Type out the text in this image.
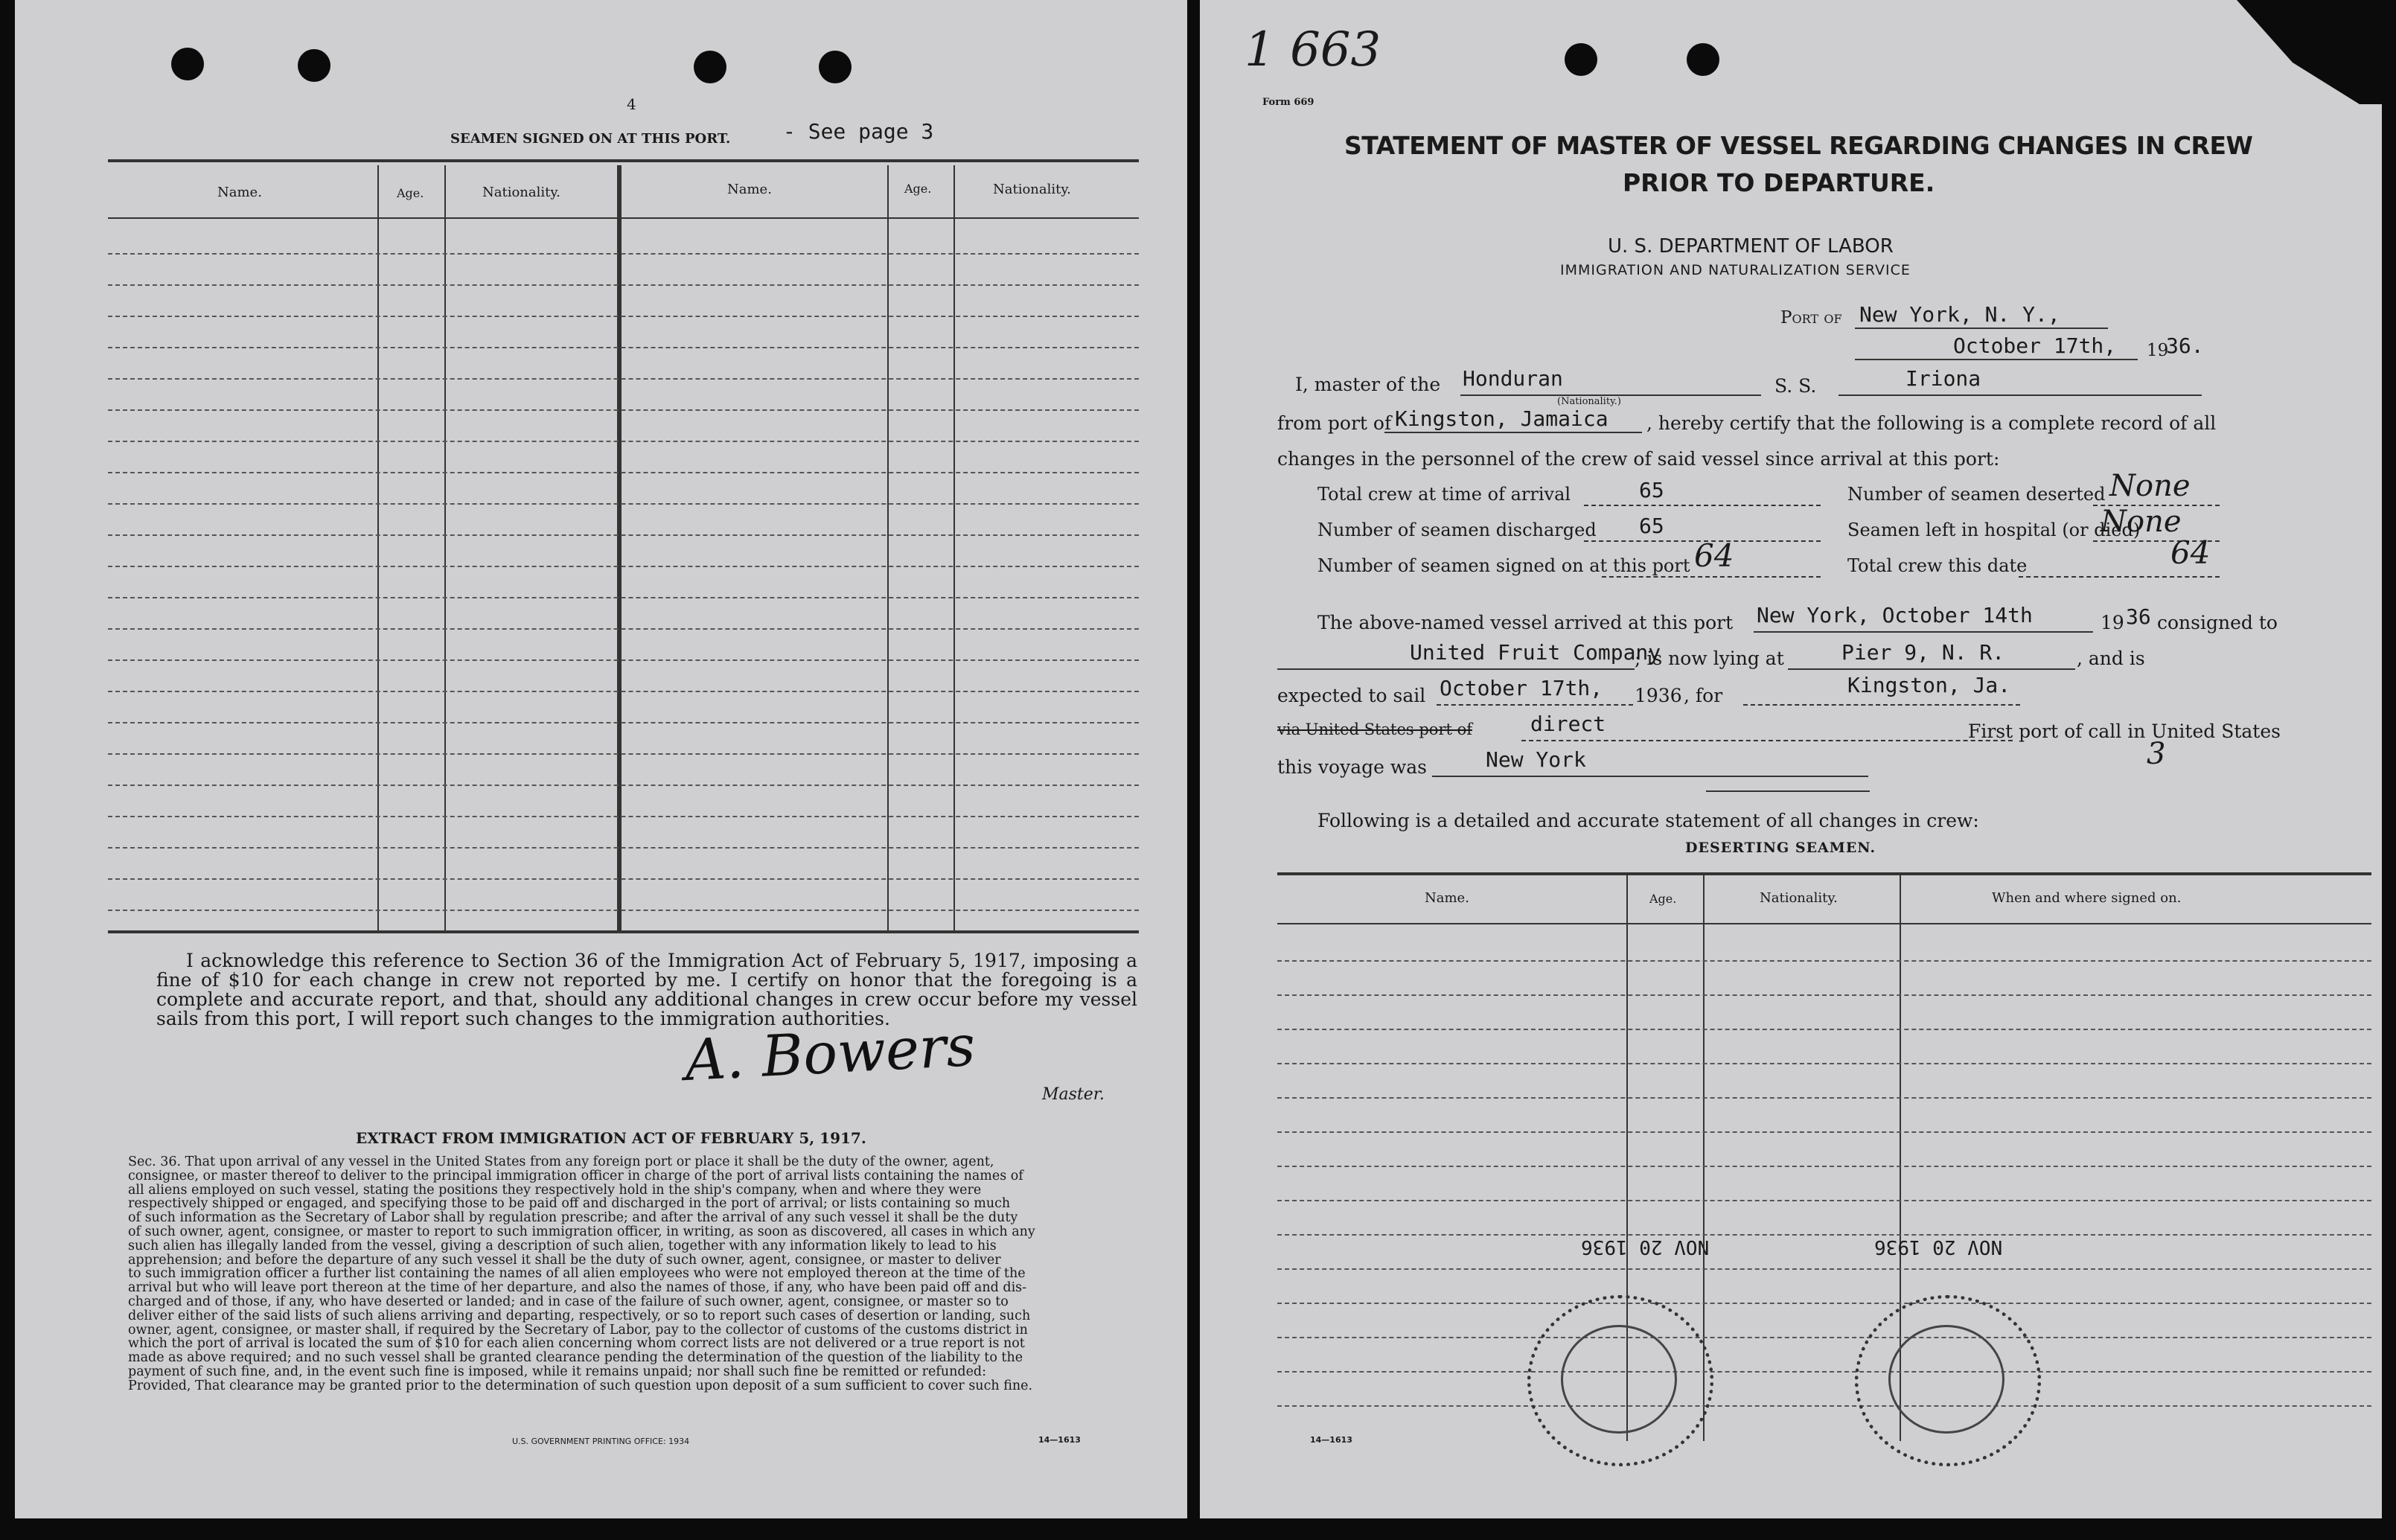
4
SEAMEN SIGNED ON AT THIS PORT.	- See page 3
Name.	Age.	Nationality.	Name.	Age.	Nationality.
I acknowledge this reference to Section 36 of the Immigration Act of February 5, 1917, imposing a fine of $10 for each change in crew not reported by me. I certify on honor that the foregoing is a complete and accurate report, and that, should any additional changes in crew occur before my vessel sails from this port, I will report such changes to the immigration authorities.
A. Bowers
Master.
EXTRACT FROM IMMIGRATION ACT OF FEBRUARY 5, 1917.
Sec. 36. That upon arrival of any vessel in the United States from any foreign port or place it shall be the duty of the owner, agent,
consignee, or master thereof to deliver to the principal immigration officer in charge of the port of arrival lists containing the names of
all aliens employed on such vessel, stating the positions they respectively hold in the ship's company, when and where they were
respectively shipped or engaged, and specifying those to be paid off and discharged in the port of arrival; or lists containing so much
of such information as the Secretary of Labor shall by regulation prescribe; and after the arrival of any such vessel it shall be the duty
of such owner, agent, consignee, or master to report to such immigration officer, in writing, as soon as discovered, all cases in which any
such alien has illegally landed from the vessel, giving a description of such alien, together with any information likely to lead to his
apprehension; and before the departure of any such vessel it shall be the duty of such owner, agent, consignee, or master to deliver
to such immigration officer a further list containing the names of all alien employees who were not employed thereon at the time of the
arrival but who will leave port thereon at the time of her departure, and also the names of those, if any, who have been paid off and dis-
charged and of those, if any, who have deserted or landed; and in case of the failure of such owner, agent, consignee, or master so to
deliver either of the said lists of such aliens arriving and departing, respectively, or so to report such cases of desertion or landing, such
owner, agent, consignee, or master shall, if required by the Secretary of Labor, pay to the collector of customs of the customs district in
which the port of arrival is located the sum of $10 for each alien concerning whom correct lists are not delivered or a true report is not
made as above required; and no such vessel shall be granted clearance pending the determination of the question of the liability to the
payment of such fine, and, in the event such fine is imposed, while it remains unpaid; nor shall such fine be remitted or refunded:
Provided, That clearance may be granted prior to the determination of such question upon deposit of a sum sufficient to cover such fine.
U.S. GOVERNMENT PRINTING OFFICE: 1934	14—1613
1 663
Form 669
STATEMENT OF MASTER OF VESSEL REGARDING CHANGES IN CREW
PRIOR TO DEPARTURE.
U. S. DEPARTMENT OF LABOR
IMMIGRATION AND NATURALIZATION SERVICE
Port of New York, N. Y.,
October 17th, 19
36.
I, master of the Honduran
(Nationality.)
S. S.	Iriona
from port of Kingston, Jamaica , hereby certify that the following is a complete record of all
changes in the personnel of the crew of said vessel since arrival at this port:
Total crew at time of arrival	65	Number of seamen deserted None
Number of seamen discharged 65	Seamen left in hospital (or died)
None
Number of seamen signed on at this port 64	Total crew this date	64
The above-named vessel arrived at this port New York, October 14th	19 36 consigned to
United Fruit Company
; is now lying at	Pier 9, N. R.	, and is
expected to sail October 17th, 1936 , for	Kingston, Ja.
via United States port of	direct	First port of call in United States
this voyage was	New York	3
Following is a detailed and accurate statement of all changes in crew:
DESERTING SEAMEN.
Name.	Age.	Nationality.	When and where signed on.
NOV 20 1936	NOV 20 1936
14—1613
